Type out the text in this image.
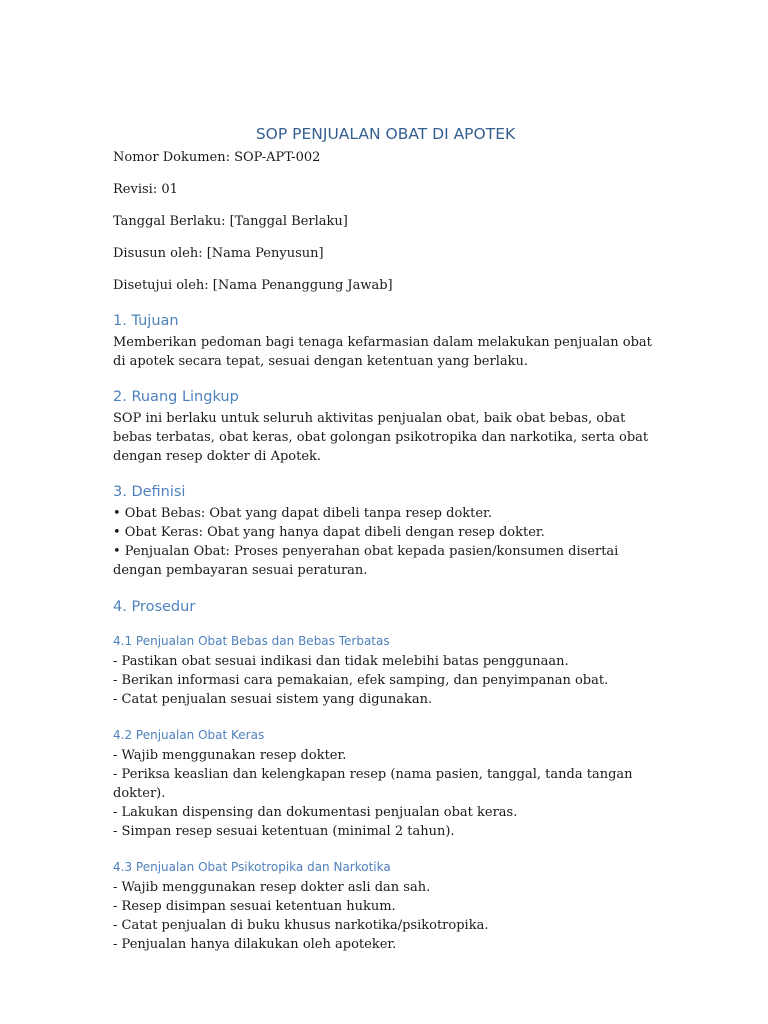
SOP PENJUALAN OBAT DI APOTEK

Nomor Dokumen: SOP-APT-002

Revisi: 01

Tanggal Berlaku: [Tanggal Berlaku]

Disusun oleh: [Nama Penyusun]

Disetujui oleh: [Nama Penanggung Jawab]

1. Tujuan

Memberikan pedoman bagi tenaga kefarmasian dalam melakukan penjualan obat di apotek secara tepat, sesuai dengan ketentuan yang berlaku.

2. Ruang Lingkup

SOP ini berlaku untuk seluruh aktivitas penjualan obat, baik obat bebas, obat bebas terbatas, obat keras, obat golongan psikotropika dan narkotika, serta obat dengan resep dokter di Apotek.

3. Definisi

• Obat Bebas: Obat yang dapat dibeli tanpa resep dokter.

• Obat Keras: Obat yang hanya dapat dibeli dengan resep dokter.

• Penjualan Obat: Proses penyerahan obat kepada pasien/konsumen disertai dengan pembayaran sesuai peraturan.

4. Prosedur
4.1 Penjualan Obat Bebas dan Bebas Terbatas

- Pastikan obat sesuai indikasi dan tidak melebihi batas penggunaan.

- Berikan informasi cara pemakaian, efek samping, dan penyimpanan obat.

- Catat penjualan sesuai sistem yang digunakan.

4.2 Penjualan Obat Keras

- Wajib menggunakan resep dokter.

- Periksa keaslian dan kelengkapan resep (nama pasien, tanggal, tanda tangan dokter).

- Lakukan dispensing dan dokumentasi penjualan obat keras.

- Simpan resep sesuai ketentuan (minimal 2 tahun).

4.3 Penjualan Obat Psikotropika dan Narkotika

- Wajib menggunakan resep dokter asli dan sah.

- Resep disimpan sesuai ketentuan hukum.

- Catat penjualan di buku khusus narkotika/psikotropika.

- Penjualan hanya dilakukan oleh apoteker.
